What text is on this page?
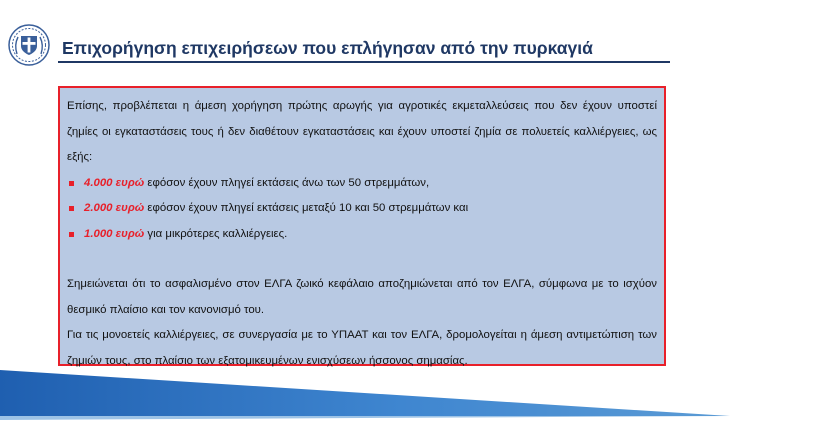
Επιχορήγηση επιχειρήσεων που επλήγησαν από την πυρκαγιά

Επίσης, προβλέπεται η άμεση χορήγηση πρώτης αρωγής για αγροτικές εκμεταλλεύσεις που δεν έχουν υποστεί ζημίες οι εγκαταστάσεις τους ή δεν διαθέτουν εγκαταστάσεις και έχουν υποστεί ζημία σε πολυετείς καλλιέργειες, ως εξής:

4.000 ευρώ εφόσον έχουν πληγεί εκτάσεις άνω των 50 στρεμμάτων,
2.000 ευρώ εφόσον έχουν πληγεί εκτάσεις μεταξύ 10 και 50 στρεμμάτων και
1.000 ευρώ για μικρότερες καλλιέργειες.

Σημειώνεται ότι το ασφαλισμένο στον ΕΛΓΑ ζωικό κεφάλαιο αποζημιώνεται από τον ΕΛΓΑ, σύμφωνα με το ισχύον θεσμικό πλαίσιο και τον κανονισμό του.

Για τις μονοετείς καλλιέργειες, σε συνεργασία με το ΥΠΑΑΤ και τον ΕΛΓΑ, δρομολογείται η άμεση αντιμετώπιση των ζημιών τους, στο πλαίσιο των εξατομικευμένων ενισχύσεων ήσσονος σημασίας.
